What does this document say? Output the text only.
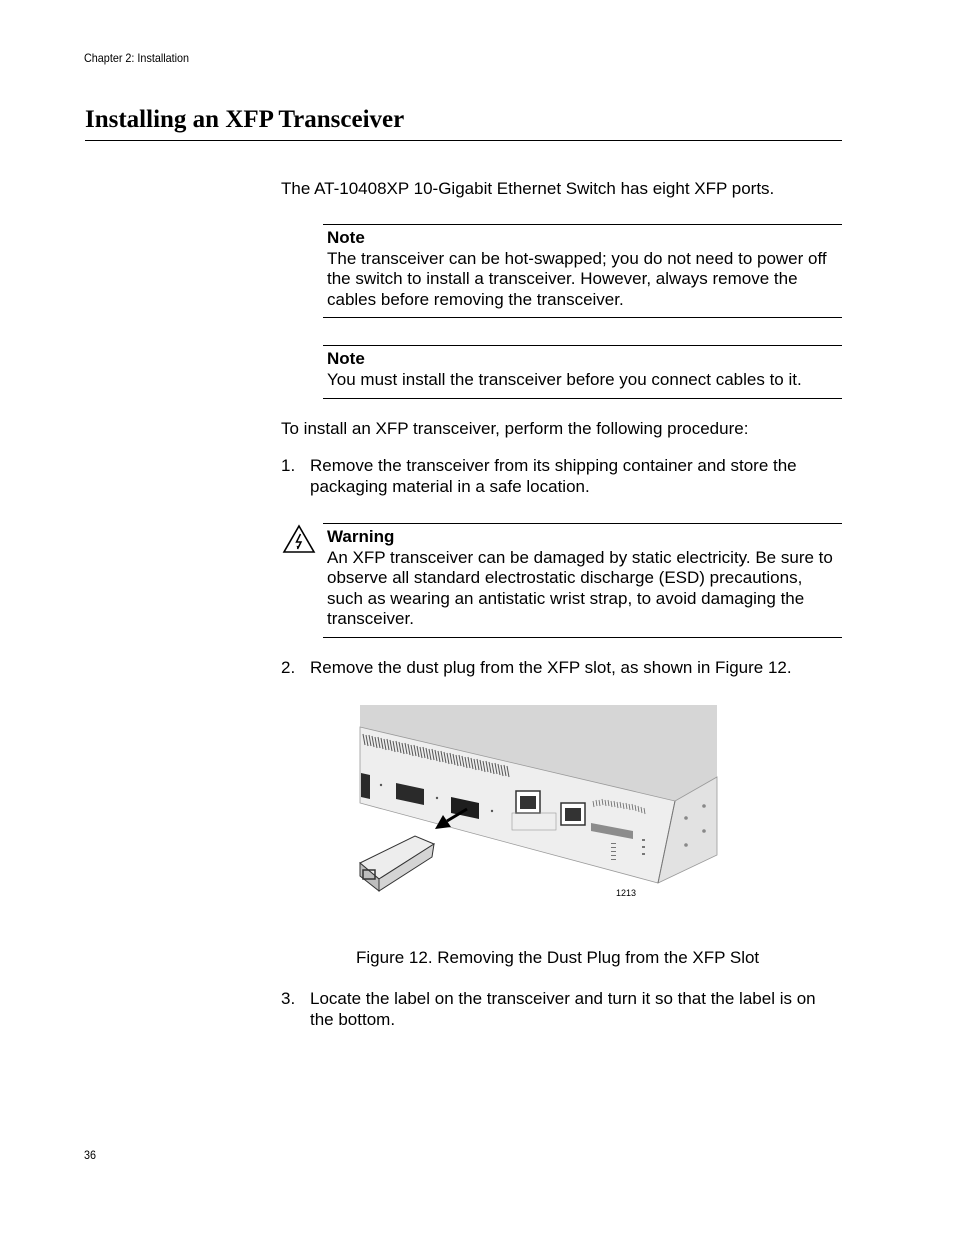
Chapter 2: Installation
Installing an XFP Transceiver
The AT-10408XP 10-Gigabit Ethernet Switch has eight XFP ports.
Note
The transceiver can be hot-swapped; you do not need to power off the switch to install a transceiver. However, always remove the cables before removing the transceiver.
Note
You must install the transceiver before you connect cables to it.
To install an XFP transceiver, perform the following procedure:
1. Remove the transceiver from its shipping container and store the packaging material in a safe location.
Warning
An XFP transceiver can be damaged by static electricity. Be sure to observe all standard electrostatic discharge (ESD) precautions, such as wearing an antistatic wrist strap, to avoid damaging the transceiver.
2. Remove the dust plug from the XFP slot, as shown in Figure 12.
1213
Figure 12. Removing the Dust Plug from the XFP Slot
3. Locate the label on the transceiver and turn it so that the label is on the bottom.
36
